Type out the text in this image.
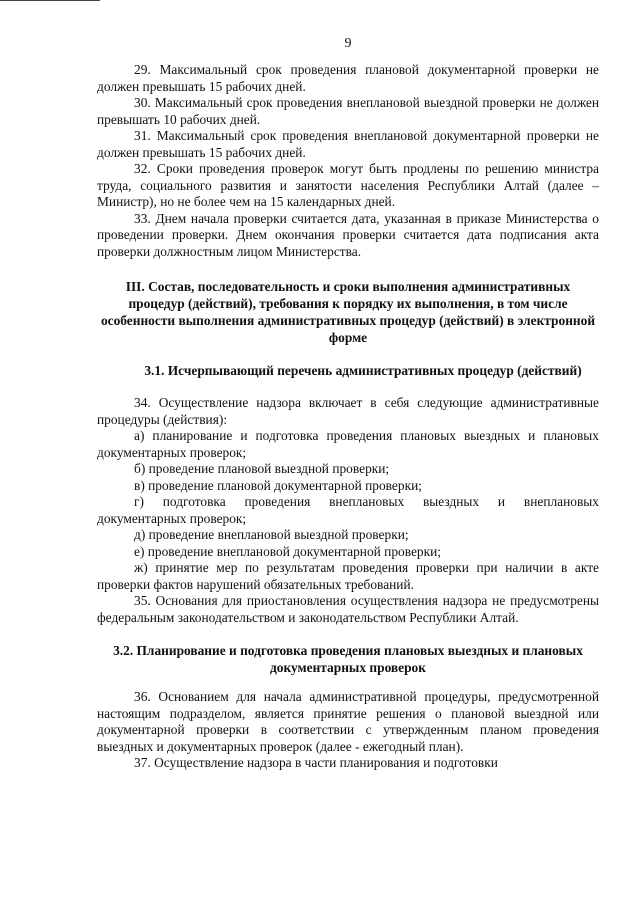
9

29. Максимальный срок проведения плановой документарной проверки не должен превышать 15 рабочих дней.

30. Максимальный срок проведения внеплановой выездной проверки не должен превышать 10 рабочих дней.

31. Максимальный срок проведения внеплановой документарной проверки не должен превышать 15 рабочих дней.

32. Сроки проведения проверок могут быть продлены по решению министра труда, социального развития и занятости населения Республики Алтай (далее – Министр), но не более чем на 15 календарных дней.

33. Днем начала проверки считается дата, указанная в приказе Министерства о проведении проверки. Днем окончания проверки считается дата подписания акта проверки должностным лицом Министерства.

III. Состав, последовательность и сроки выполнения административных процедур (действий), требования к порядку их выполнения, в том числе особенности выполнения административных процедур (действий) в электронной форме

3.1. Исчерпывающий перечень административных процедур (действий)

34. Осуществление надзора включает в себя следующие административные процедуры (действия):

а) планирование и подготовка проведения плановых выездных и плановых документарных проверок;

б) проведение плановой выездной проверки;

в) проведение плановой документарной проверки;

г) подготовка проведения внеплановых выездных и внеплановых документарных проверок;

д) проведение внеплановой выездной проверки;

е) проведение внеплановой документарной проверки;

ж) принятие мер по результатам проведения проверки при наличии в акте проверки фактов нарушений обязательных требований.

35. Основания для приостановления осуществления надзора не предусмотрены федеральным законодательством и законодательством Республики Алтай.

3.2. Планирование и подготовка проведения плановых выездных и плановых документарных проверок

36. Основанием для начала административной процедуры, предусмотренной настоящим подразделом, является принятие решения о плановой выездной или документарной проверки в соответствии с утвержденным планом проведения выездных и документарных проверок (далее - ежегодный план).

37. Осуществление надзора в части планирования и подготовки
